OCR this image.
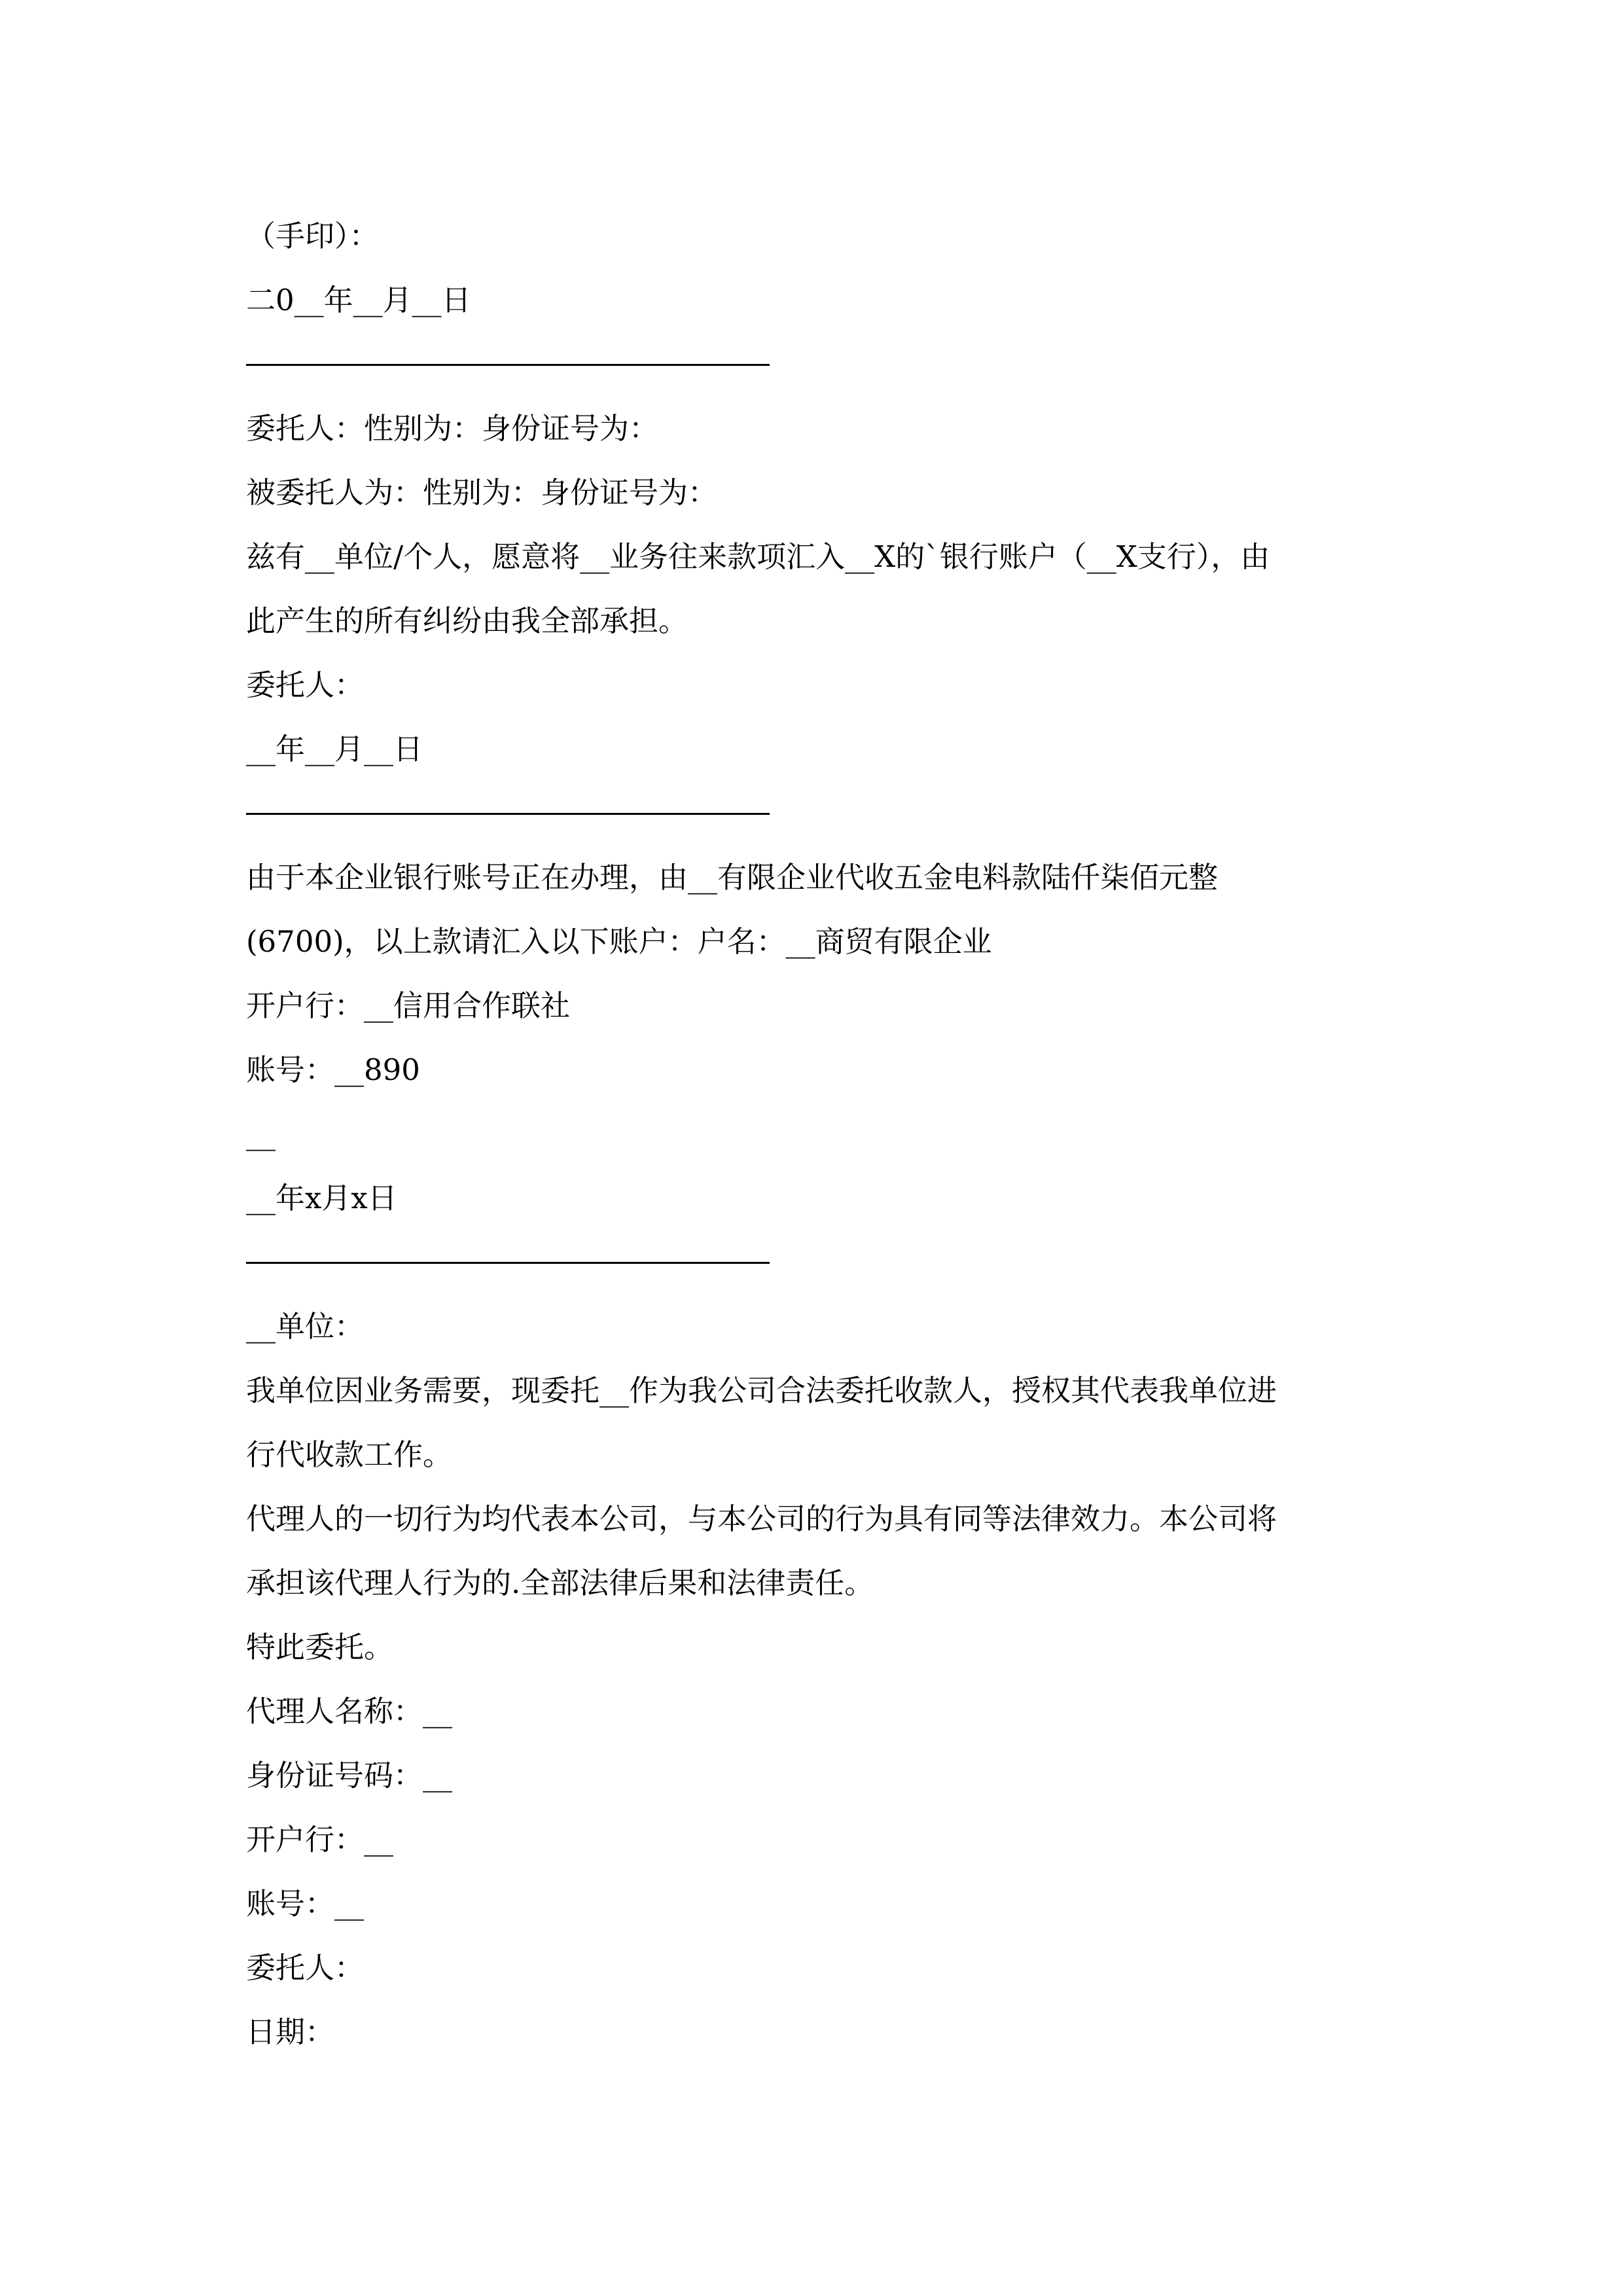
（手印）：

二0__年__月__日

委托人：性别为：身份证号为：

被委托人为：性别为：身份证号为：

兹有__单位/个人，愿意将__业务往来款项汇入__X的`银行账户（__X支行），由

此产生的所有纠纷由我全部承担。

委托人：

__年__月__日

由于本企业银行账号正在办理，由__有限企业代收五金电料款陆仟柒佰元整

(6700)，以上款请汇入以下账户：户名：__商贸有限企业

开户行：__信用合作联社

账号：__890

__

__年x月x日

__单位：

我单位因业务需要，现委托__作为我公司合法委托收款人，授权其代表我单位进

行代收款工作。

代理人的一切行为均代表本公司，与本公司的行为具有同等法律效力。本公司将

承担该代理人行为的.全部法律后果和法律责任。

特此委托。

代理人名称：__

身份证号码：__

开户行：__

账号：__

委托人：

日期：
